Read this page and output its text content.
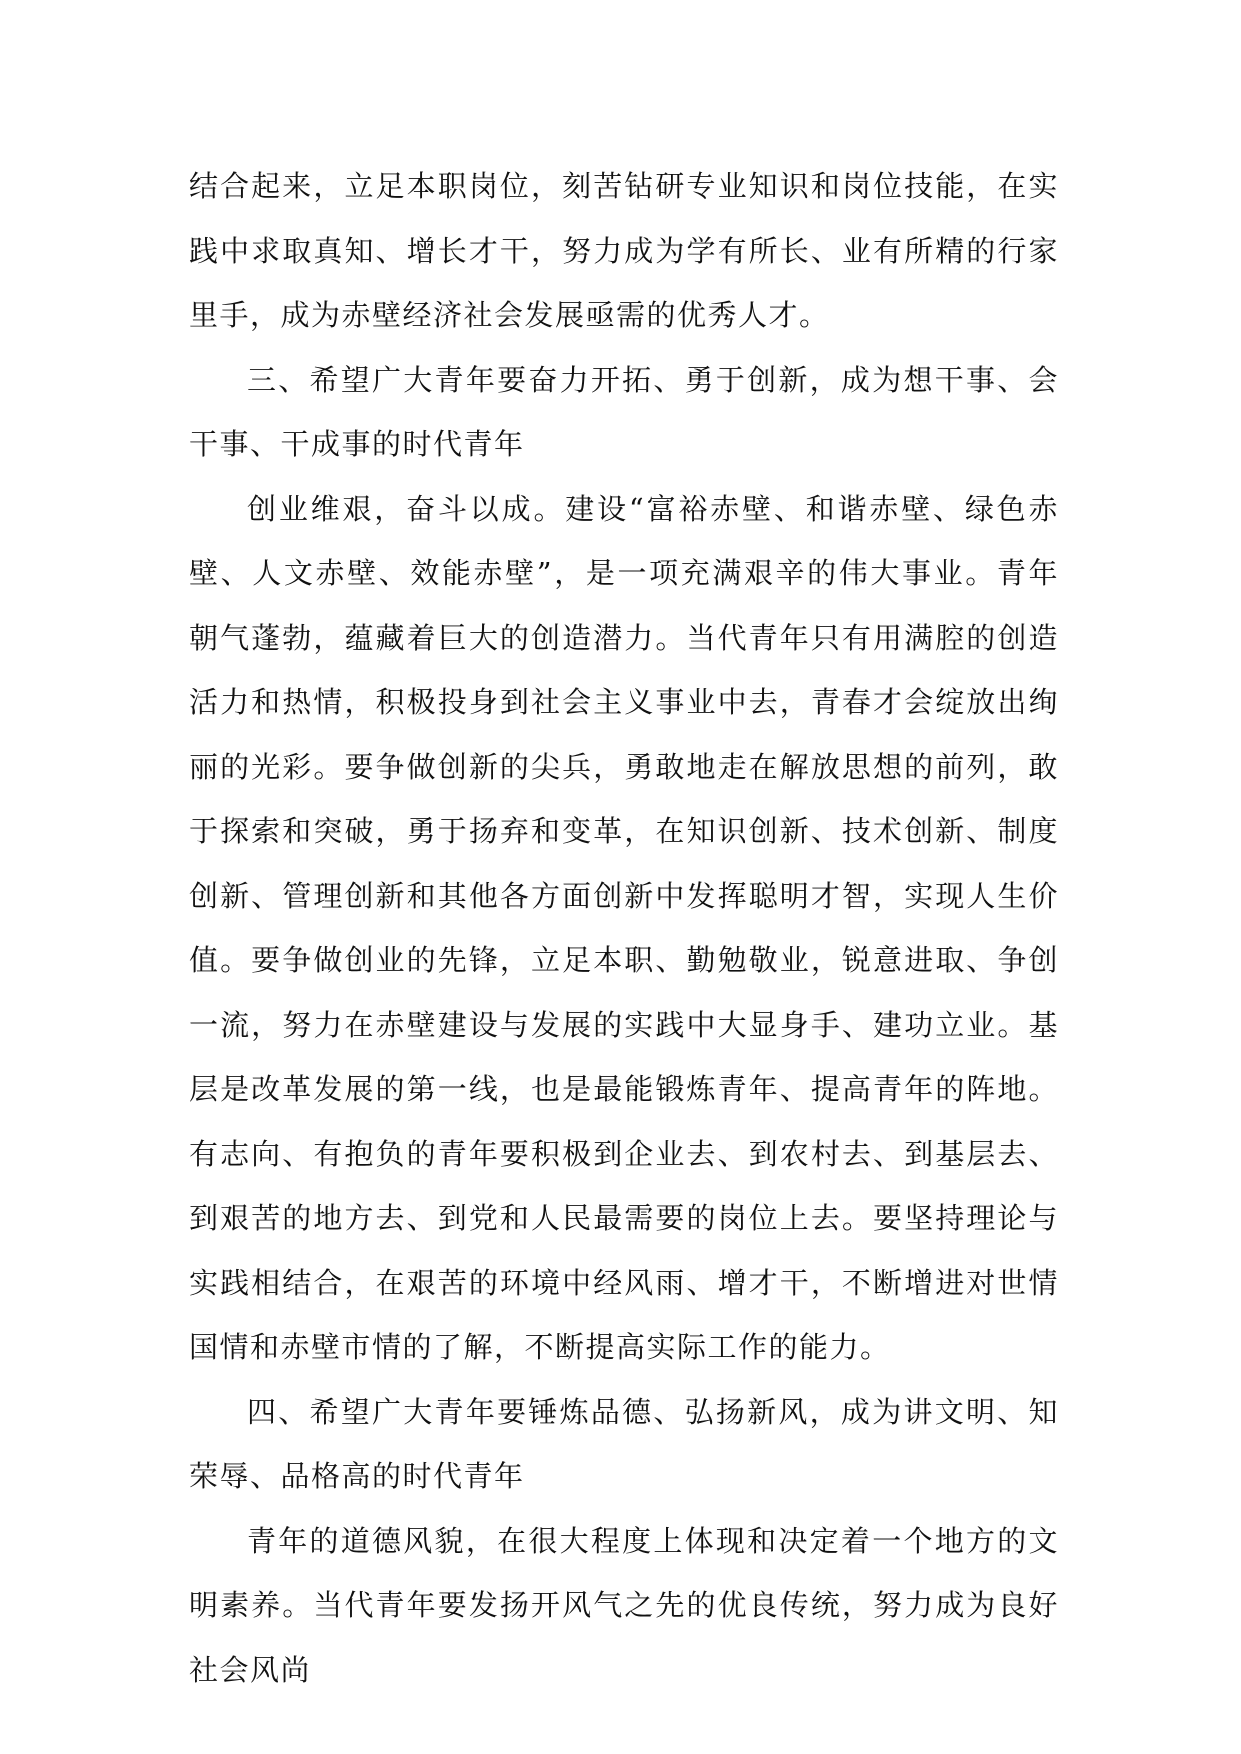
结合起来，立足本职岗位，刻苦钻研专业知识和岗位技能，在实践中求取真知、增长才干，努力成为学有所长、业有所精的行家里手，成为赤壁经济社会发展亟需的优秀人才。

三、希望广大青年要奋力开拓、勇于创新，成为想干事、会干事、干成事的时代青年

创业维艰，奋斗以成。建设“富裕赤壁、和谐赤壁、绿色赤壁、人文赤壁、效能赤壁”，是一项充满艰辛的伟大事业。青年朝气蓬勃，蕴藏着巨大的创造潜力。当代青年只有用满腔的创造活力和热情，积极投身到社会主义事业中去，青春才会绽放出绚丽的光彩。要争做创新的尖兵，勇敢地走在解放思想的前列，敢于探索和突破，勇于扬弃和变革，在知识创新、技术创新、制度创新、管理创新和其他各方面创新中发挥聪明才智，实现人生价值。要争做创业的先锋，立足本职、勤勉敬业，锐意进取、争创一流，努力在赤壁建设与发展的实践中大显身手、建功立业。基层是改革发展的第一线，也是最能锻炼青年、提高青年的阵地。有志向、有抱负的青年要积极到企业去、到农村去、到基层去、到艰苦的地方去、到党和人民最需要的岗位上去。要坚持理论与实践相结合，在艰苦的环境中经风雨、增才干，不断增进对世情国情和赤壁市情的了解，不断提高实际工作的能力。

四、希望广大青年要锤炼品德、弘扬新风，成为讲文明、知荣辱、品格高的时代青年

青年的道德风貌，在很大程度上体现和决定着一个地方的文明素养。当代青年要发扬开风气之先的优良传统，努力成为良好社会风尚
